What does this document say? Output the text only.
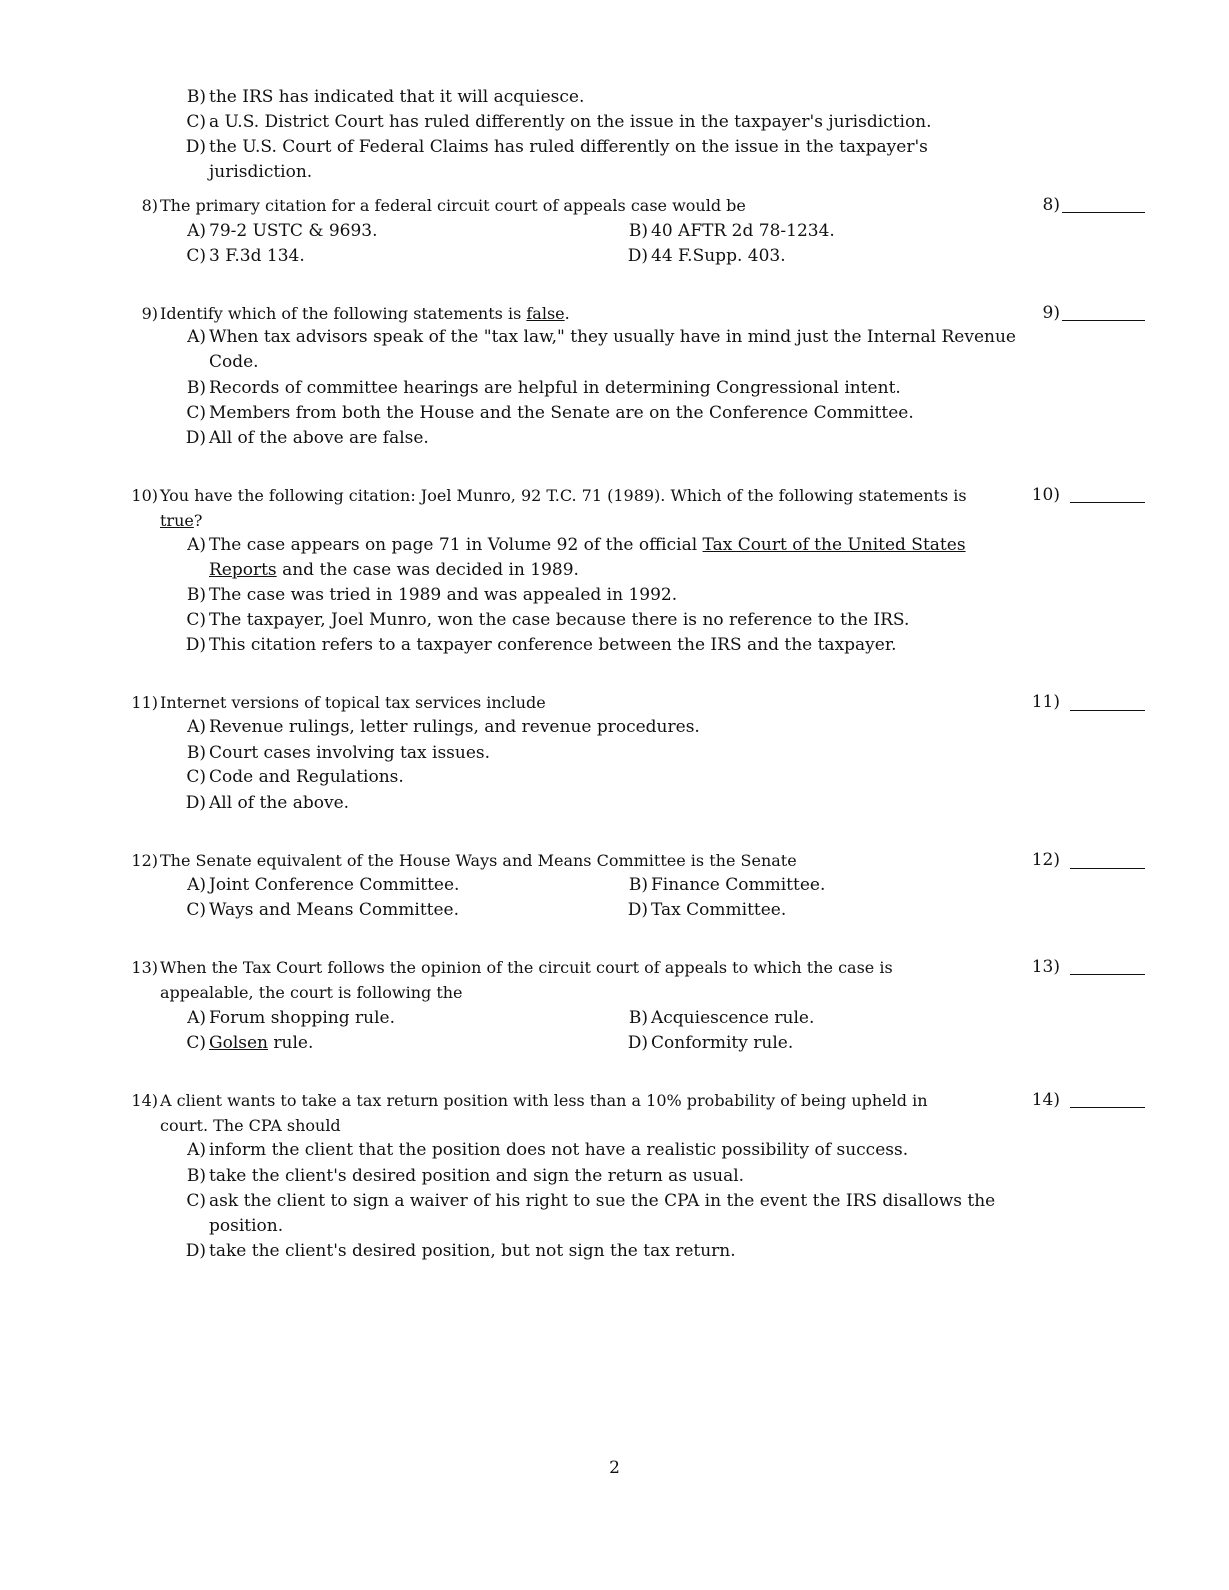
B) the IRS has indicated that it will acquiesce.
C) a U.S. District Court has ruled differently on the issue in the taxpayer's jurisdiction.
D) the U.S. Court of Federal Claims has ruled differently on the issue in the taxpayer's
jurisdiction.
8) The primary citation for a federal circuit court of appeals case would be	8)
A) 79-2 USTC & 9693.	B) 40 AFTR 2d 78-1234.
C) 3 F.3d 134.	D) 44 F.Supp. 403.
9) Identify which of the following statements is false.	9)
A) When tax advisors speak of the "tax law," they usually have in mind just the Internal Revenue
Code.
B) Records of committee hearings are helpful in determining Congressional intent.
C) Members from both the House and the Senate are on the Conference Committee.
D) All of the above are false.
10) You have the following citation: Joel Munro, 92 T.C. 71 (1989). Which of the following statements is
true?
10)
A) The case appears on page 71 in Volume 92 of the official Tax Court of the United States
Reports and the case was decided in 1989.
B) The case was tried in 1989 and was appealed in 1992.
C) The taxpayer, Joel Munro, won the case because there is no reference to the IRS.
D) This citation refers to a taxpayer conference between the IRS and the taxpayer.
11) Internet versions of topical tax services include	11)
A) Revenue rulings, letter rulings, and revenue procedures.
B) Court cases involving tax issues.
C) Code and Regulations.
D) All of the above.
12) The Senate equivalent of the House Ways and Means Committee is the Senate	12)
A) Joint Conference Committee.	B) Finance Committee.
C) Ways and Means Committee.	D) Tax Committee.
13) When the Tax Court follows the opinion of the circuit court of appeals to which the case is
appealable, the court is following the
13)
A) Forum shopping rule.	B) Acquiescence rule.
C) Golsen rule.	D) Conformity rule.
14) A client wants to take a tax return position with less than a 10% probability of being upheld in
court. The CPA should
14)
A) inform the client that the position does not have a realistic possibility of success.
B) take the client's desired position and sign the return as usual.
C) ask the client to sign a waiver of his right to sue the CPA in the event the IRS disallows the
position.
D) take the client's desired position, but not sign the tax return.
2
